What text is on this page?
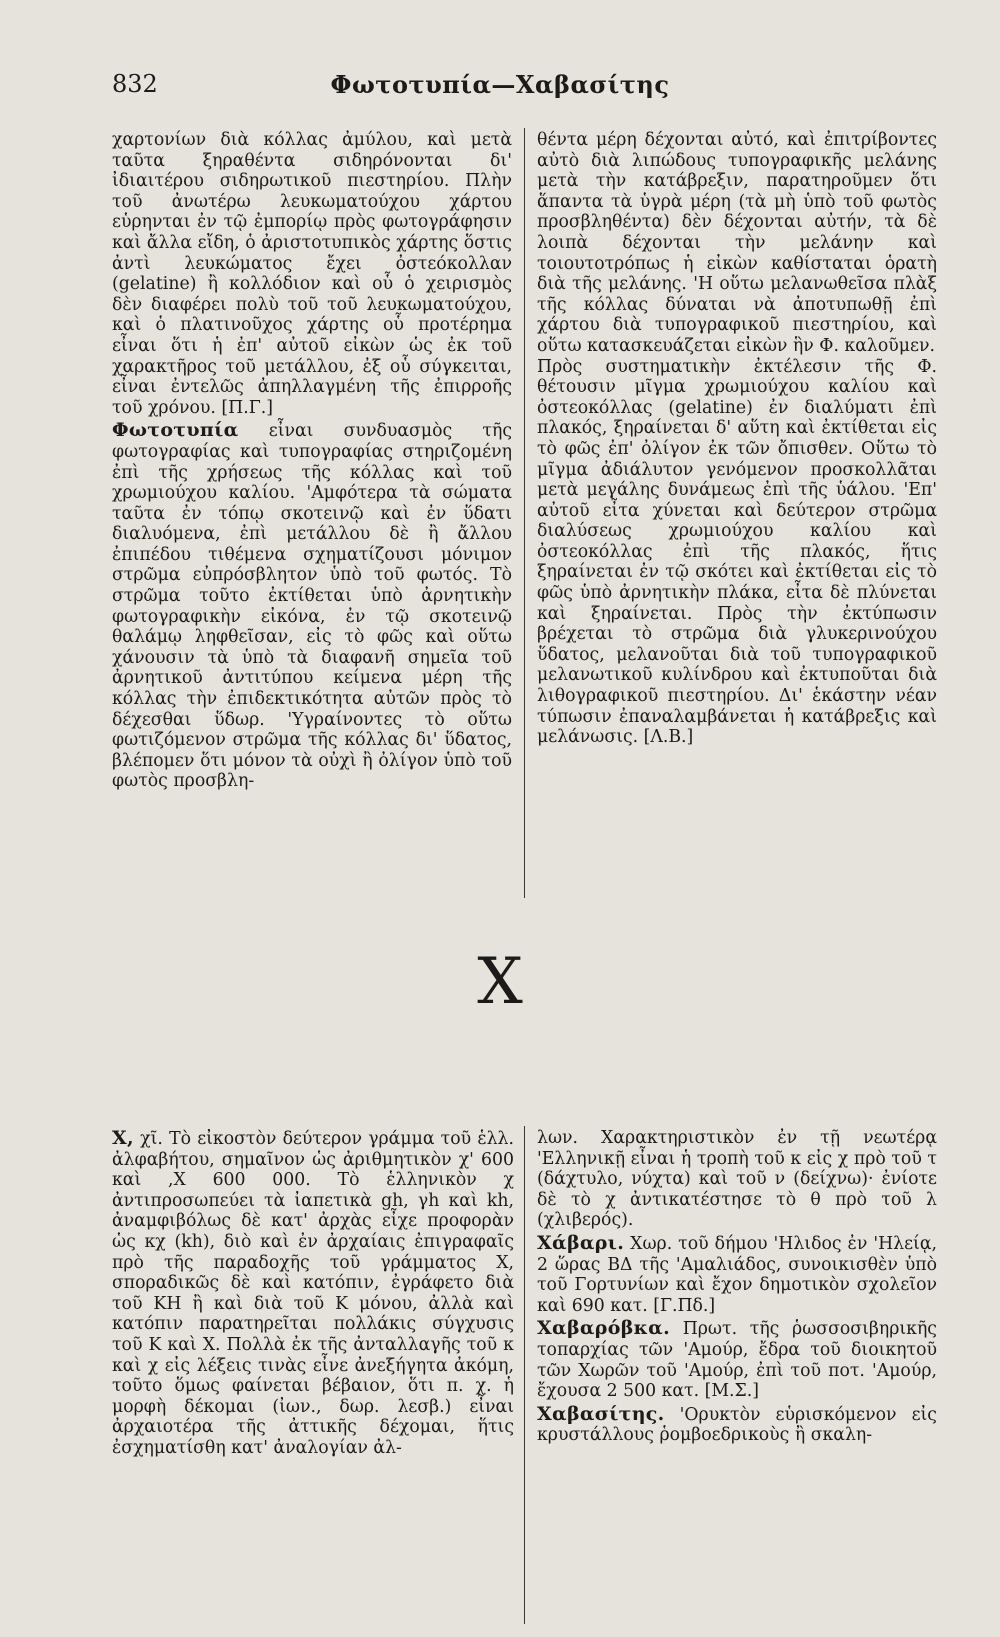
832	Φωτοτυπία—Χαβασίτης

χαρτονίων διὰ κόλλας ἀμύλου, καὶ μετὰ ταῦτα ξηραθέντα σιδηρόνονται δι' ἰδιαιτέρου σιδηρωτικοῦ πιεστηρίου. Πλὴν τοῦ ἀνωτέρω λευκωματούχου χάρτου εὑρηνται ἐν τῷ ἐμπορίῳ πρὸς φωτογράφησιν καὶ ἄλλα εἴδη, ὁ ἀριστοτυπικὸς χάρτης ὅστις ἀντὶ λευκώματος ἔχει ὀστεόκολλαν (gelatine) ἢ κολλόδιον καὶ οὗ ὁ χειρισμὸς δὲν διαφέρει πολὺ τοῦ τοῦ λευκωματούχου, καὶ ὁ πλατινοῦχος χάρτης οὗ προτέρημα εἶναι ὅτι ἡ ἐπ' αὐτοῦ εἰκὼν ὡς ἐκ τοῦ χαρακτῆρος τοῦ μετάλλου, ἐξ οὗ σύγκειται, εἶναι ἐντελῶς ἀπηλλαγμένη τῆς ἐπιρροῆς τοῦ χρόνου. [Π.Γ.]

Φωτοτυπία εἶναι συνδυασμὸς τῆς φωτογραφίας καὶ τυπογραφίας στηριζομένη ἐπὶ τῆς χρήσεως τῆς κόλλας καὶ τοῦ χρωμιούχου καλίου. 'Αμφότερα τὰ σώματα ταῦτα ἐν τόπῳ σκοτεινῷ καὶ ἐν ὕδατι διαλυόμενα, ἐπὶ μετάλλου δὲ ἢ ἄλλου ἐπιπέδου τιθέμενα σχηματίζουσι μόνιμον στρῶμα εὐπρόσβλητον ὑπὸ τοῦ φωτός. Τὸ στρῶμα τοῦτο ἐκτίθεται ὑπὸ ἀρνητικὴν φωτογραφικὴν εἰκόνα, ἐν τῷ σκοτεινῷ θαλάμῳ ληφθεῖσαν, εἰς τὸ φῶς καὶ οὕτω χάνουσιν τὰ ὑπὸ τὰ διαφανῆ σημεῖα τοῦ ἀρνητικοῦ ἀντιτύπου κείμενα μέρη τῆς κόλλας τὴν ἐπιδεκτικότητα αὐτῶν πρὸς τὸ δέχεσθαι ὕδωρ. 'Υγραίνοντες τὸ οὕτω φωτιζόμενον στρῶμα τῆς κόλλας δι' ὕδατος, βλέπομεν ὅτι μόνον τὰ οὐχὶ ἢ ὀλίγον ὑπὸ τοῦ φωτὸς προσβλη-

θέντα μέρη δέχονται αὐτό, καὶ ἐπιτρίβοντες αὐτὸ διὰ λιπώδους τυπογραφικῆς μελάνης μετὰ τὴν κατάβρεξιν, παρατηροῦμεν ὅτι ἅπαντα τὰ ὑγρὰ μέρη (τὰ μὴ ὑπὸ τοῦ φωτὸς προσβληθέντα) δὲν δέχονται αὐτήν, τὰ δὲ λοιπὰ δέχονται τὴν μελάνην καὶ τοιουτοτρόπως ἡ εἰκὼν καθίσταται ὁρατὴ διὰ τῆς μελάνης. 'Η οὕτω μελανωθεῖσα πλὰξ τῆς κόλλας δύναται νὰ ἀποτυπωθῇ ἐπὶ χάρτου διὰ τυπογραφικοῦ πιεστηρίου, καὶ οὕτω κατασκευάζεται εἰκὼν ἣν Φ. καλοῦμεν.

Πρὸς συστηματικὴν ἐκτέλεσιν τῆς Φ. θέτουσιν μῖγμα χρωμιούχου καλίου καὶ ὀστεοκόλλας (gelatine) ἐν διαλύματι ἐπὶ πλακός, ξηραίνεται δ' αὕτη καὶ ἐκτίθεται εἰς τὸ φῶς ἐπ' ὀλίγον ἐκ τῶν ὄπισθεν. Οὕτω τὸ μῖγμα ἀδιάλυτον γενόμενον προσκολλᾶται μετὰ μεγάλης δυνάμεως ἐπὶ τῆς ὑάλου. 'Επ' αὐτοῦ εἶτα χύνεται καὶ δεύτερον στρῶμα διαλύσεως χρωμιούχου καλίου καὶ ὀστεοκόλλας ἐπὶ τῆς πλακός, ἥτις ξηραίνεται ἐν τῷ σκότει καὶ ἐκτίθεται εἰς τὸ φῶς ὑπὸ ἀρνητικὴν πλάκα, εἶτα δὲ πλύνεται καὶ ξηραίνεται. Πρὸς τὴν ἐκτύπωσιν βρέχεται τὸ στρῶμα διὰ γλυκερινούχου ὕδατος, μελανοῦται διὰ τοῦ τυπογραφικοῦ μελανωτικοῦ κυλίνδρου καὶ ἐκτυποῦται διὰ λιθογραφικοῦ πιεστηρίου. Δι' ἑκάστην νέαν τύπωσιν ἐπαναλαμβάνεται ἡ κατάβρεξις καὶ μελάνωσις. [Λ.Β.]

X

Χ, χῖ. Τὸ εἰκοστὸν δεύτερον γράμμα τοῦ ἑλλ. ἀλφαβήτου, σημαῖνον ὡς ἀριθμητικὸν χ' 600 καὶ ,Χ 600 000. Τὸ ἑλληνικὸν χ ἀντιπροσωπεύει τὰ ἰαπετικὰ gh, γh καὶ kh, ἀναμφιβόλως δὲ κατ' ἀρχὰς εἶχε προφορὰν ὡς κχ (kh), διὸ καὶ ἐν ἀρχαίαις ἐπιγραφαῖς πρὸ τῆς παραδοχῆς τοῦ γράμματος Χ, σποραδικῶς δὲ καὶ κατόπιν, ἐγράφετο διὰ τοῦ ΚΗ ἢ καὶ διὰ τοῦ Κ μόνου, ἀλλὰ καὶ κατόπιν παρατηρεῖται πολλάκις σύγχυσις τοῦ Κ καὶ Χ. Πολλὰ ἐκ τῆς ἀνταλλαγῆς τοῦ κ καὶ χ εἰς λέξεις τινὰς εἶνε ἀνεξήγητα ἀκόμη, τοῦτο ὅμως φαίνεται βέβαιον, ὅτι π. χ. ἡ μορφὴ δέκομαι (ἰων., δωρ. λεσβ.) εἶναι ἀρχαιοτέρα τῆς ἀττικῆς δέχομαι, ἥτις ἐσχηματίσθη κατ' ἀναλογίαν ἀλ-

λων. Χαρακτηριστικὸν ἐν τῇ νεωτέρᾳ 'Ελληνικῇ εἶναι ἡ τροπὴ τοῦ κ εἰς χ πρὸ τοῦ τ (δάχτυλο, νύχτα) καὶ τοῦ ν (δείχνω)· ἐνίοτε δὲ τὸ χ ἀντικατέστησε τὸ θ πρὸ τοῦ λ (χλιβερός).

Χάβαρι. Χωρ. τοῦ δήμου 'Ηλιδος ἐν 'Ηλείᾳ, 2 ὥρας ΒΔ τῆς 'Αμαλιάδος, συνοικισθὲν ὑπὸ τοῦ Γορτυνίων καὶ ἔχον δημοτικὸν σχολεῖον καὶ 690 κατ. [Γ.Πδ.]

Χαβαρόβκα. Πρωτ. τῆς ῥωσσοσιβηρικῆς τοπαρχίας τῶν 'Αμούρ, ἔδρα τοῦ διοικητοῦ τῶν Χωρῶν τοῦ 'Αμούρ, ἐπὶ τοῦ ποτ. 'Αμούρ, ἔχουσα 2 500 κατ. [Μ.Σ.]

Χαβασίτης. 'Ορυκτὸν εὑρισκόμενον εἰς κρυστάλλους ῥομβοεδρικοὺς ἢ σκαλη-
